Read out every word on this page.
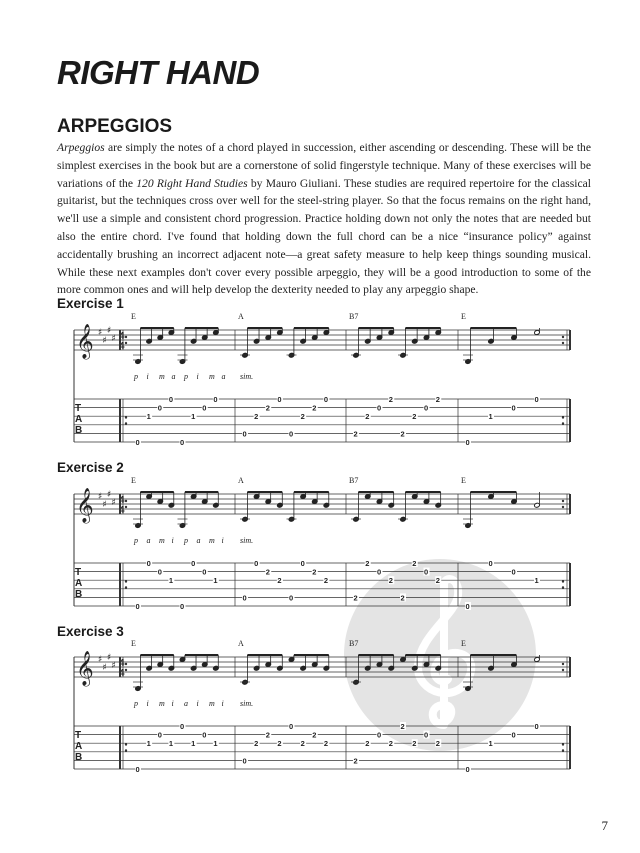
RIGHT HAND
ARPEGGIOS

Arpeggios are simply the notes of a chord played in succession, either ascending or descending. These will be the simplest exercises in the book but are a cornerstone of solid fingerstyle technique. Many of these exercises will be variations of the 120 Right Hand Studies by Mauro Giuliani. These studies are required repertoire for the classical guitarist, but the techniques cross over well for the steel-string player. So that the focus remains on the right hand, we'll use a simple and consistent chord progression. Practice holding down not only the notes that are needed but also the entire chord. I've found that holding down the full chord can be a nice “insurance policy” against accidentally brushing an incorrect adjacent note—a great safety measure to help keep things sounding musical. While these next examples don't cover every possible arpeggio, they will be a good introduction to some of the more common ones and will help develop the dexterity needed to play any arpeggio shape.

Exercise 1
Exercise 2
Exercise 3
𝄞 ♯
♯
♯
♯ 4
4
T
A
B
E	A	B7	E
p i m a p i m a sim.
0
1
0
0
0
1
0
0
0
2
2
0
0
2
2
0
2
2
0
2
2
2
0
2
0
1
0
0
𝄞 ♯
♯
♯
♯ 4
4
T
A
B
E	A	B7	E
p a m i p a m i sim.
0
0
0
1
0
0
0
1
0
0
2
2
0
0
2
2
2
2
0
2
2
2
0
2
0
0
0
1
𝄞 ♯
♯
♯
♯ 4
4
T
A
B
E	A	B7	E
p i m i a i m i sim.
0
1
0
1
0
1
0
1
0
2
2
2
0
2
2
2
2
2
0
2
2
2
0
2
0
1
0
0
7
